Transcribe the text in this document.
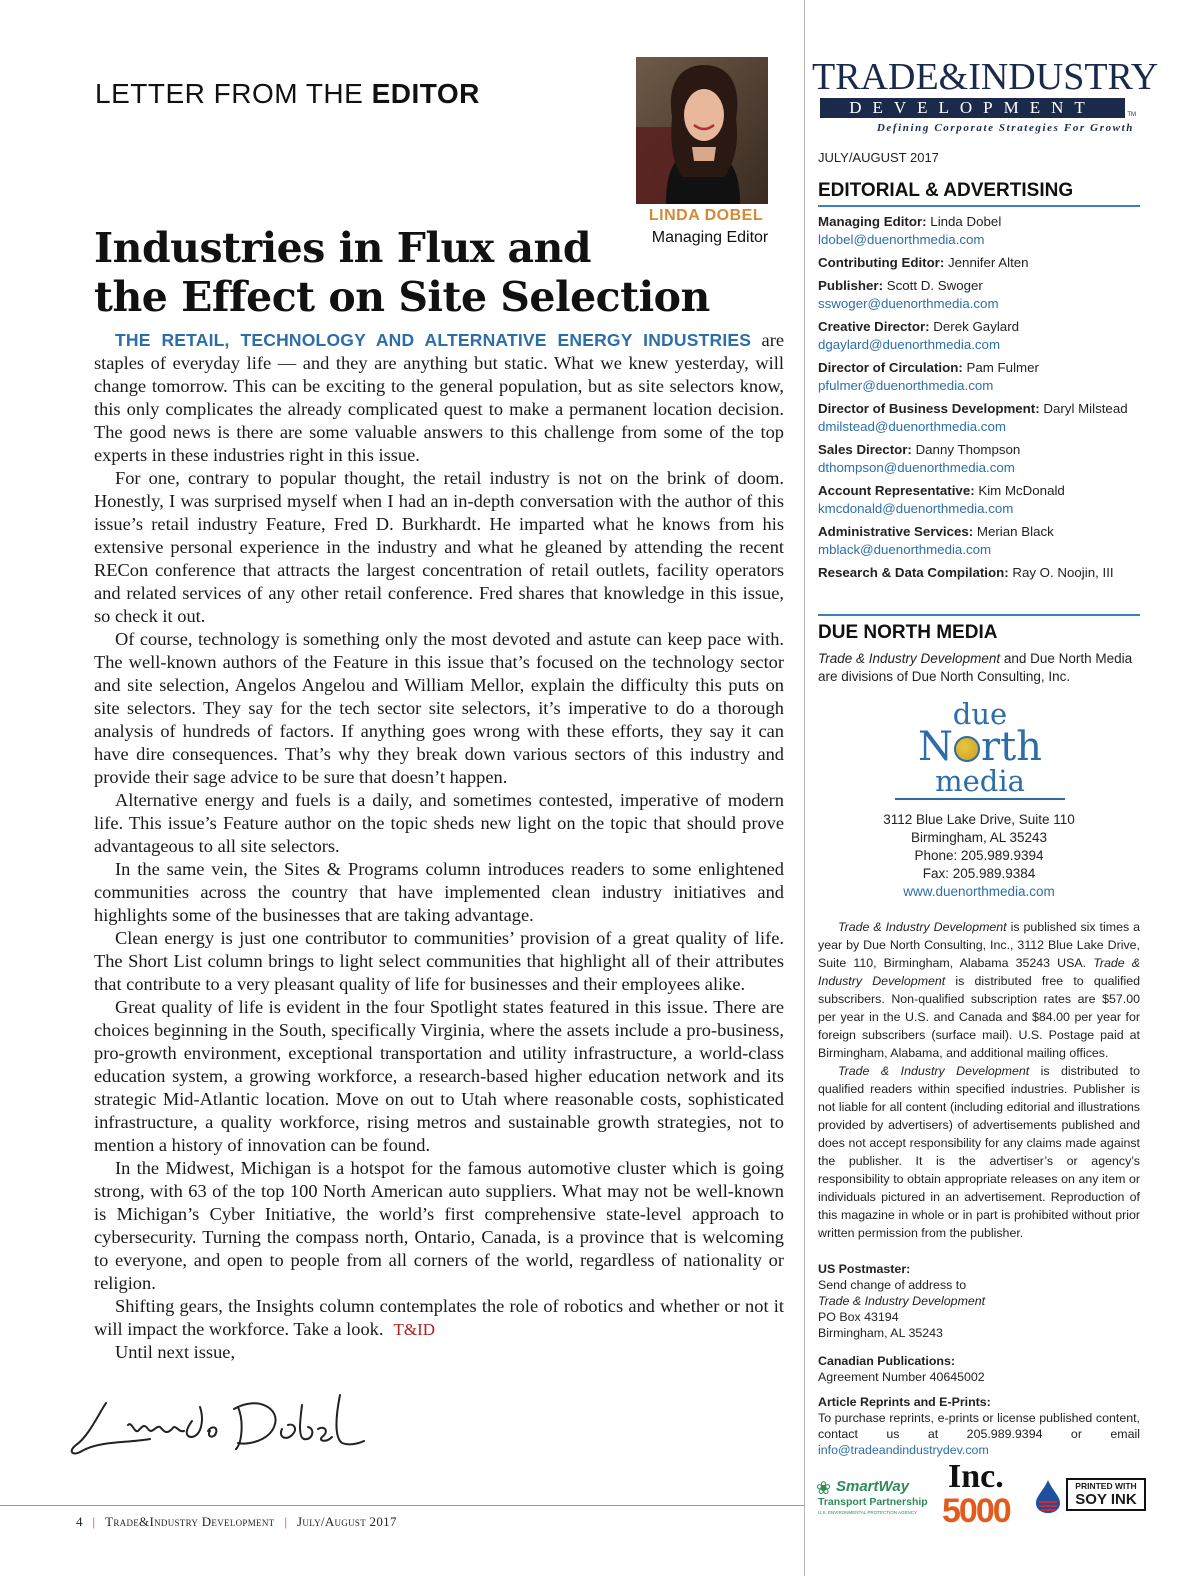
LETTER FROM THE EDITOR
LINDA DOBEL
Managing Editor
Industries in Flux and
the Effect on Site Selection

THE RETAIL, TECHNOLOGY AND ALTERNATIVE ENERGY INDUSTRIES are staples of everyday life — and they are anything but static. What we knew yesterday, will change tomorrow. This can be exciting to the general population, but as site selectors know, this only complicates the already complicated quest to make a permanent location decision. The good news is there are some valuable answers to this challenge from some of the top experts in these industries right in this issue.

For one, contrary to popular thought, the retail industry is not on the brink of doom. Honestly, I was surprised myself when I had an in-depth conversation with the author of this issue’s retail industry Feature, Fred D. Burkhardt. He imparted what he knows from his extensive personal experience in the industry and what he gleaned by attending the recent RECon conference that attracts the largest concentration of retail outlets, facility operators and related services of any other retail conference. Fred shares that knowledge in this issue, so check it out.

Of course, technology is something only the most devoted and astute can keep pace with. The well-known authors of the Feature in this issue that’s focused on the technology sector and site selection, Angelos Angelou and William Mellor, explain the difficulty this puts on site selectors. They say for the tech sector site selectors, it’s imperative to do a thorough analysis of hundreds of factors. If anything goes wrong with these efforts, they say it can have dire consequences. That’s why they break down various sectors of this industry and provide their sage advice to be sure that doesn’t happen.

Alternative energy and fuels is a daily, and sometimes contested, imperative of modern life. This issue’s Feature author on the topic sheds new light on the topic that should prove advantageous to all site selectors.

In the same vein, the Sites & Programs column introduces readers to some enlightened communities across the country that have implemented clean industry initiatives and highlights some of the businesses that are taking advantage.

Clean energy is just one contributor to communities’ provision of a great quality of life. The Short List column brings to light select communities that highlight all of their attributes that contribute to a very pleasant quality of life for businesses and their employees alike.

Great quality of life is evident in the four Spotlight states featured in this issue. There are choices beginning in the South, specifically Virginia, where the assets include a pro-business, pro-growth environment, exceptional transportation and utility infrastructure, a world-class education system, a growing workforce, a research-based higher education network and its strategic Mid-Atlantic location. Move on out to Utah where reasonable costs, sophisticated infrastructure, a quality workforce, rising metros and sustainable growth strategies, not to mention a history of innovation can be found.

In the Midwest, Michigan is a hotspot for the famous automotive cluster which is going strong, with 63 of the top 100 North American auto suppliers. What may not be well-known is Michigan’s Cyber Initiative, the world’s first comprehensive state-level approach to cybersecurity. Turning the compass north, Ontario, Canada, is a province that is welcoming to everyone, and open to people from all corners of the world, regardless of nationality or religion.

Shifting gears, the Insights column contemplates the role of robotics and whether or not it will impact the workforce. Take a look. T&ID

Until next issue,

4 | Trade&Industry Development | July/August 2017
TRADE&INDUSTRY
DEVELOPMENT	TM
Defining Corporate Strategies For Growth
JULY/AUGUST 2017
EDITORIAL & ADVERTISING
Managing Editor: Linda Dobel
ldobel@duenorthmedia.com
Contributing Editor: Jennifer Alten
Publisher: Scott D. Swoger
sswoger@duenorthmedia.com
Creative Director: Derek Gaylard
dgaylard@duenorthmedia.com
Director of Circulation: Pam Fulmer
pfulmer@duenorthmedia.com
Director of Business Development: Daryl Milstead
dmilstead@duenorthmedia.com
Sales Director: Danny Thompson
dthompson@duenorthmedia.com
Account Representative: Kim McDonald
kmcdonald@duenorthmedia.com
Administrative Services: Merian Black
mblack@duenorthmedia.com
Research & Data Compilation: Ray O. Noojin, III
DUE NORTH MEDIA
Trade & Industry Development and Due North Media are divisions of Due North Consulting, Inc.
due
N rth
media
3112 Blue Lake Drive, Suite 110
Birmingham, AL 35243
Phone: 205.989.9394
Fax: 205.989.9384
www.duenorthmedia.com

Trade & Industry Development is published six times a year by Due North Consulting, Inc., 3112 Blue Lake Drive, Suite 110, Birmingham, Alabama 35243 USA. Trade & Industry Development is distributed free to qualified subscribers. Non-qualified subscription rates are $57.00 per year in the U.S. and Canada and $84.00 per year for foreign subscribers (surface mail). U.S. Postage paid at Birmingham, Alabama, and additional mailing offices.

Trade & Industry Development is distributed to qualified readers within specified industries. Publisher is not liable for all content (including editorial and illustrations provided by advertisers) of advertisements published and does not accept responsibility for any claims made against the publisher. It is the advertiser’s or agency’s responsibility to obtain appropriate releases on any item or individuals pictured in an advertisement. Reproduction of this magazine in whole or in part is prohibited without prior written permission from the publisher.

US Postmaster:
Send change of address to
Trade & Industry Development
PO Box 43194
Birmingham, AL 35243
Canadian Publications:
Agreement Number 40645002
Article Reprints and E-Prints:
To purchase reprints, e-prints or license published content, contact us at 205.989.9394 or email info@tradeandindustrydev.com
❀ SmartWay
Transport Partnership
U.S. ENVIRONMENTAL PROTECTION AGENCY
Inc.
5000
PRINTED WITH
SOY INK
